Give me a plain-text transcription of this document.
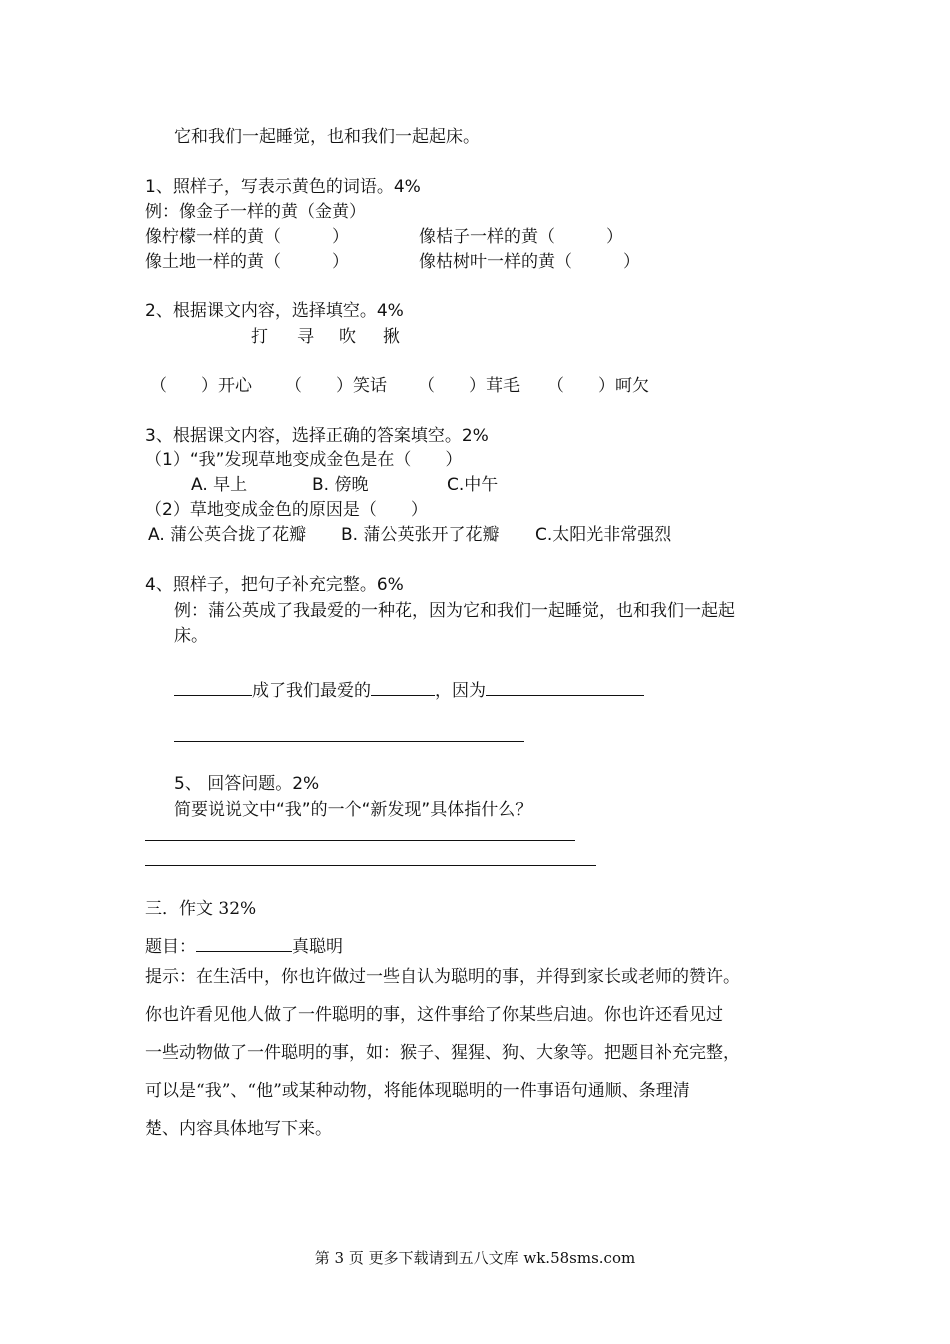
它和我们一起睡觉，也和我们一起起床。
1、照样子，写表示黄色的词语。4%
例：像金子一样的黄（金黄）
像柠檬一样的黄（　　　）	像桔子一样的黄（　　　）
像土地一样的黄（　　　）	像枯树叶一样的黄（　　　）
2、根据课文内容，选择填空。4%
打 寻 吹 揪
（　　）开心 （　　）笑话 （　　）茸毛 （　　）呵欠
3、根据课文内容，选择正确的答案填空。2%
（1）“我”发现草地变成金色是在（　　）
A. 早上	B. 傍晚	C.中午
（2）草地变成金色的原因是（　　）
A. 蒲公英合拢了花瓣 B. 蒲公英张开了花瓣 C.太阳光非常强烈
4、照样子，把句子补充完整。6%
例：蒲公英成了我最爱的一种花，因为它和我们一起睡觉，也和我们一起起
床。
成了我们最爱的	，因为
5、 回答问题。2%
简要说说文中“我”的一个“新发现”具体指什么？
三．作文 32%
题目：	真聪明
提示：在生活中，你也许做过一些自认为聪明的事，并得到家长或老师的赞许。
你也许看见他人做了一件聪明的事，这件事给了你某些启迪。你也许还看见过
一些动物做了一件聪明的事，如：猴子、猩猩、狗、大象等。把题目补充完整，
可以是“我”、“他”或某种动物，将能体现聪明的一件事语句通顺、条理清
楚、内容具体地写下来。
第 3 页 更多下载请到五八文库 wk.58sms.com
